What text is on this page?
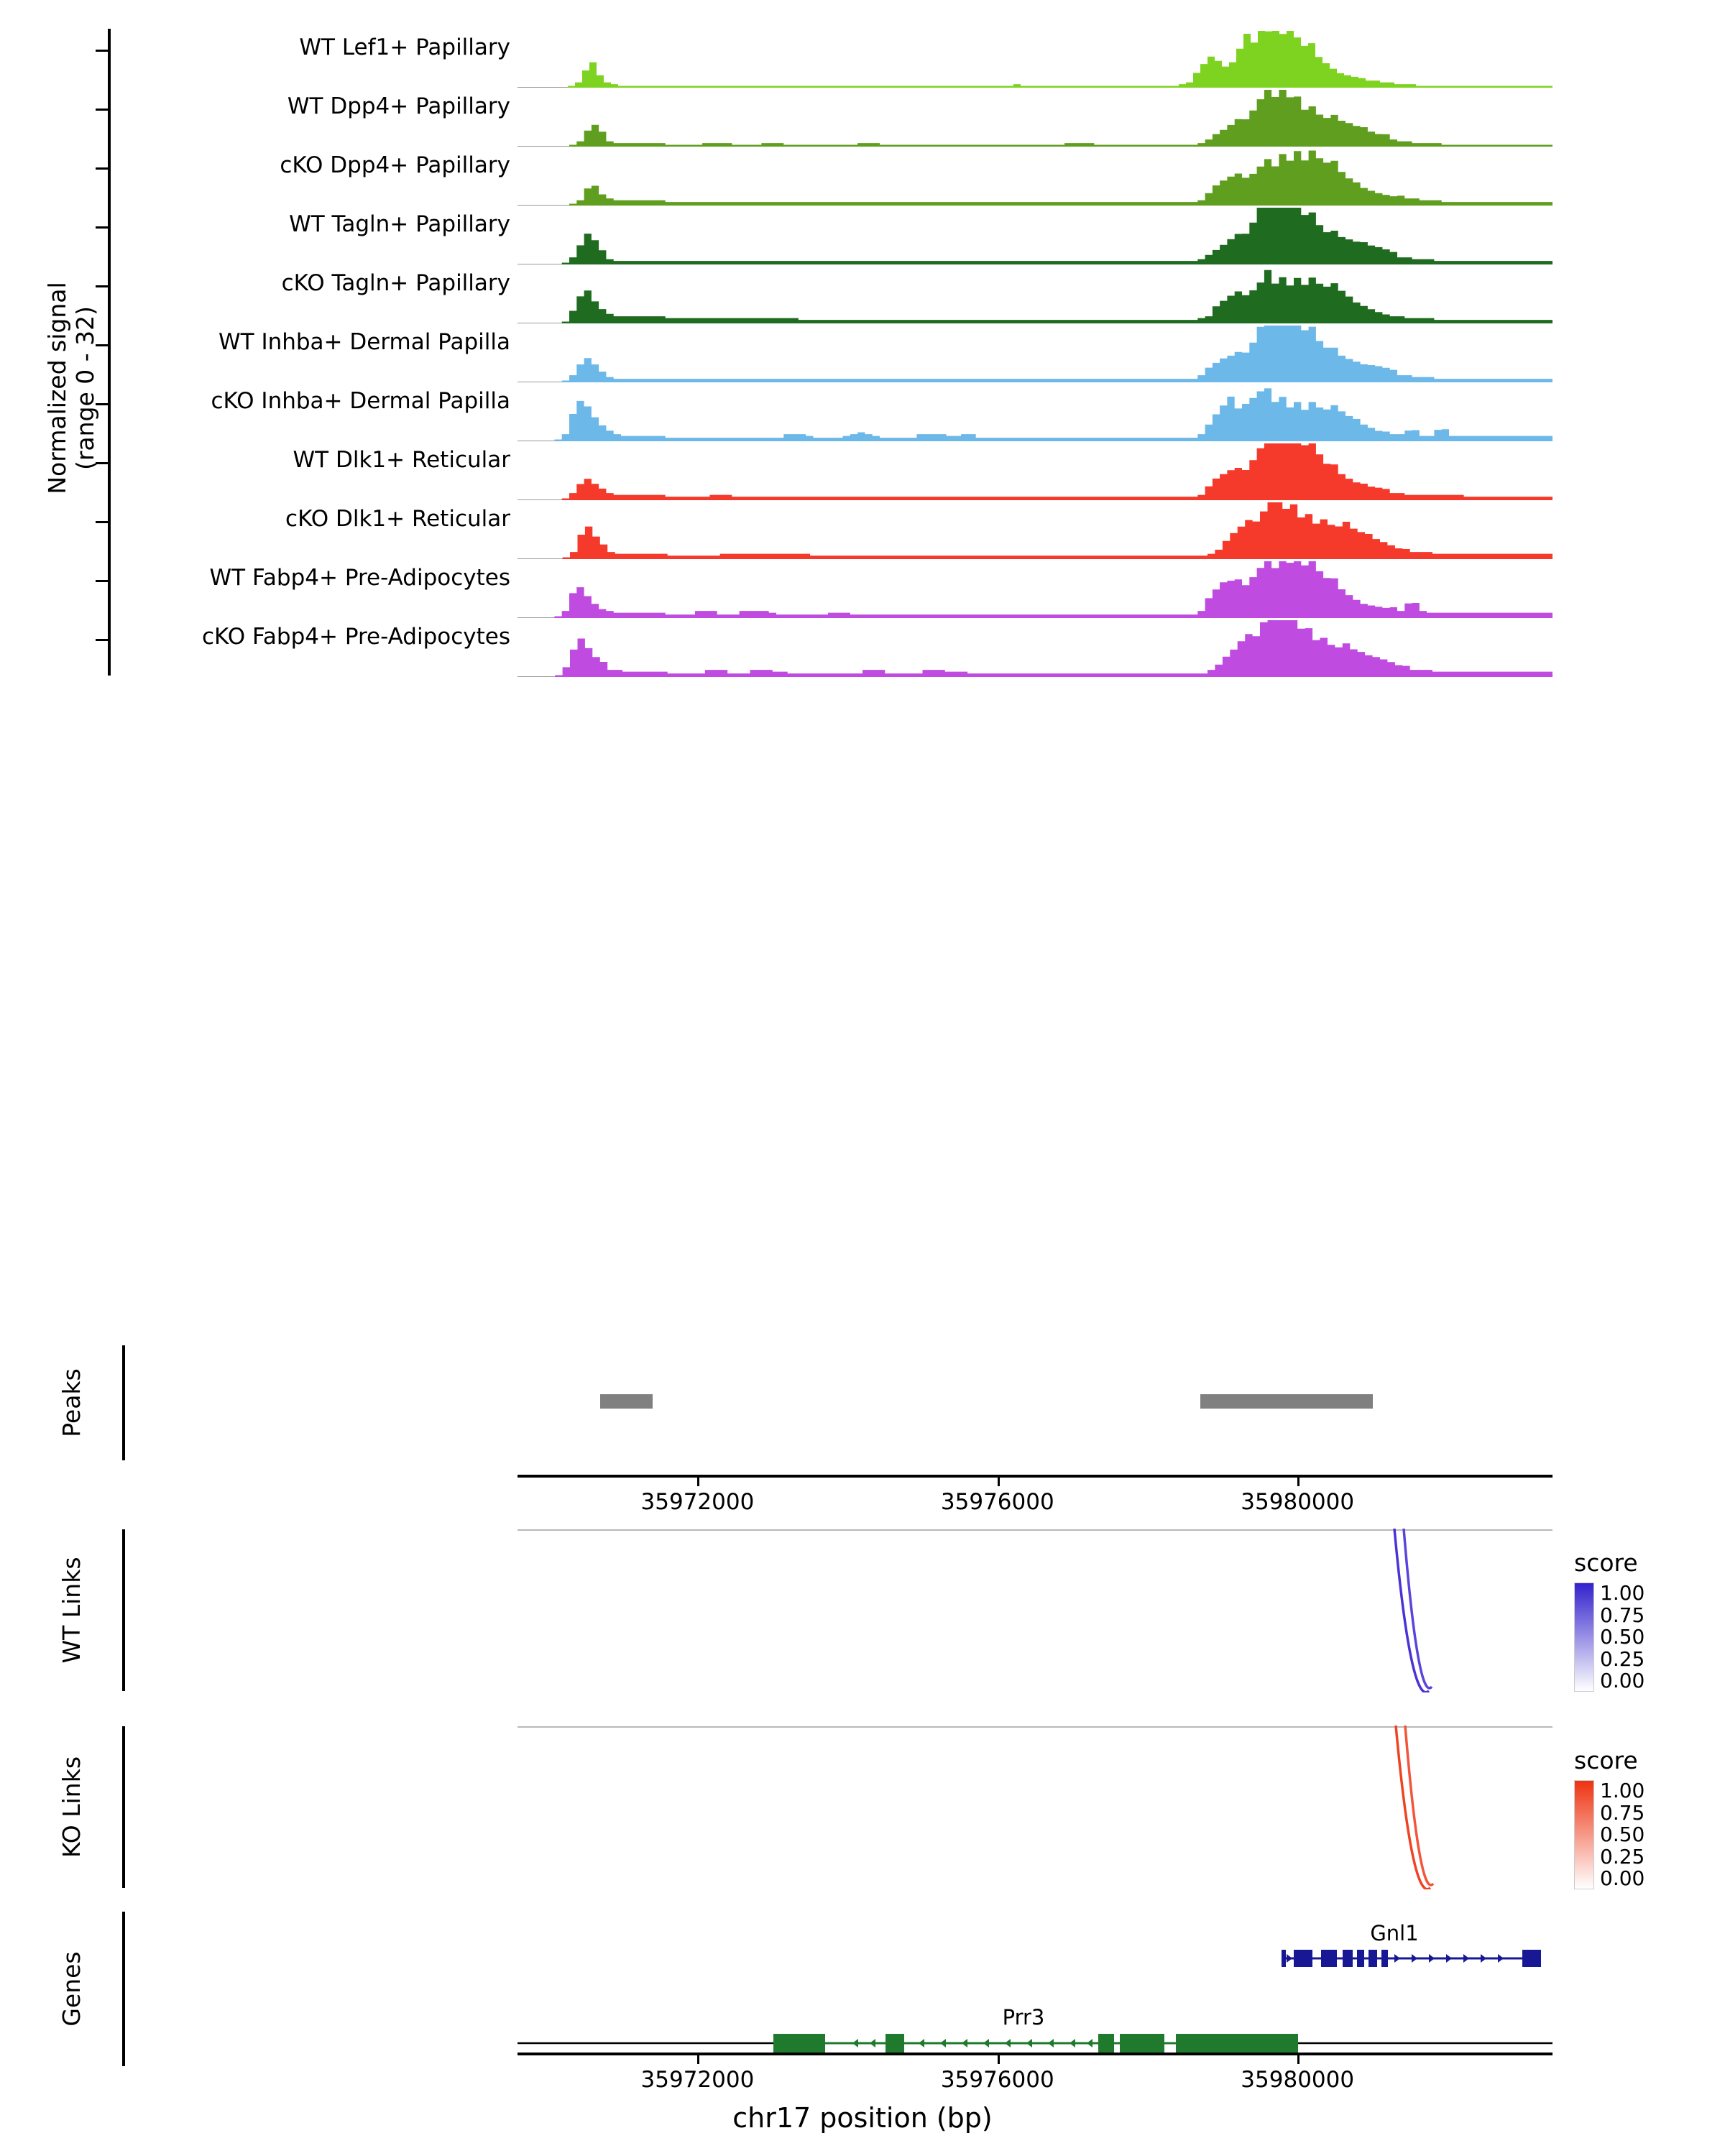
Normalized signal
(range 0 - 32)
WT Lef1+ Papillary
WT Dpp4+ Papillary
cKO Dpp4+ Papillary
WT Tagln+ Papillary
cKO Tagln+ Papillary
WT Inhba+ Dermal Papilla
cKO Inhba+ Dermal Papilla
WT Dlk1+ Reticular
cKO Dlk1+ Reticular
WT Fabp4+ Pre-Adipocytes
cKO Fabp4+ Pre-Adipocytes
Peaks
35972000	35976000	35980000
WT Links
KO Links
Genes
Gnl1
Prr3
35972000	35976000	35980000
chr17 position (bp)
score
1.00
0.75
0.50
0.25
0.00
score
1.00
0.75
0.50
0.25
0.00
